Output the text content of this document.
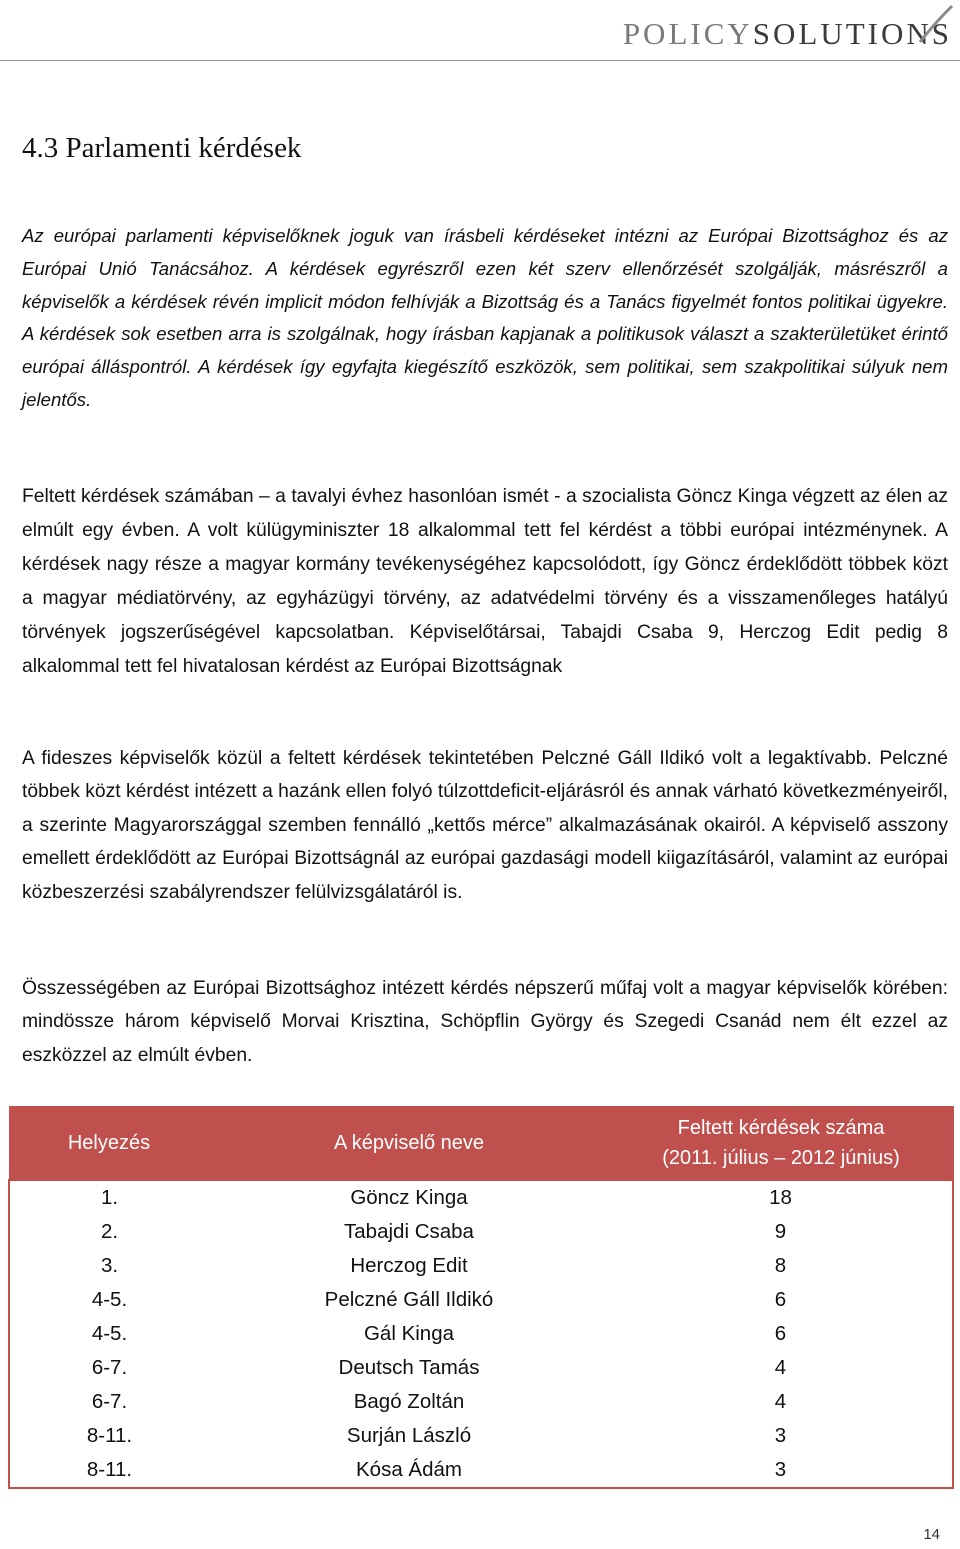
POLICYSOLUTIONS
4.3 Parlamenti kérdések

Az európai parlamenti képviselőknek joguk van írásbeli kérdéseket intézni az Európai Bizottsághoz és az Európai Unió Tanácsához. A kérdések egyrészről ezen két szerv ellenőrzését szolgálják, másrészről a képviselők a kérdések révén implicit módon felhívják a Bizottság és a Tanács figyelmét fontos politikai ügyekre. A kérdések sok esetben arra is szolgálnak, hogy írásban kapjanak a politikusok választ a szakterületüket érintő európai álláspontról. A kérdések így egyfajta kiegészítő eszközök, sem politikai, sem szakpolitikai súlyuk nem jelentős.

Feltett kérdések számában – a tavalyi évhez hasonlóan ismét - a szocialista Göncz Kinga végzett az élen az elmúlt egy évben. A volt külügyminiszter 18 alkalommal tett fel kérdést a többi európai intézménynek. A kérdések nagy része a magyar kormány tevékenységéhez kapcsolódott, így Göncz érdeklődött többek közt a magyar médiatörvény, az egyházügyi törvény, az adatvédelmi törvény és a visszamenőleges hatályú törvények jogszerűségével kapcsolatban. Képviselőtársai, Tabajdi Csaba 9, Herczog Edit pedig 8 alkalommal tett fel hivatalosan kérdést az Európai Bizottságnak

A fideszes képviselők közül a feltett kérdések tekintetében Pelczné Gáll Ildikó volt a legaktívabb. Pelczné többek közt kérdést intézett a hazánk ellen folyó túlzottdeficit-eljárásról és annak várható következményeiről, a szerinte Magyarországgal szemben fennálló „kettős mérce” alkalmazásának okairól. A képviselő asszony emellett érdeklődött az Európai Bizottságnál az európai gazdasági modell kiigazításáról, valamint az európai közbeszerzési szabályrendszer felülvizsgálatáról is.

Összességében az Európai Bizottsághoz intézett kérdés népszerű műfaj volt a magyar képviselők körében: mindössze három képviselő Morvai Krisztina, Schöpflin György és Szegedi Csanád nem élt ezzel az eszközzel az elmúlt évben.

Helyezés	A képviselő neve	Feltett kérdések száma
(2011. július – 2012 június)

1.	Göncz Kinga	18
2.	Tabajdi Csaba	9
3.	Herczog Edit	8
4-5.	Pelczné Gáll Ildikó	6
4-5.	Gál Kinga	6
6-7.	Deutsch Tamás	4
6-7.	Bagó Zoltán	4
8-11.	Surján László	3
8-11.	Kósa Ádám	3
14
